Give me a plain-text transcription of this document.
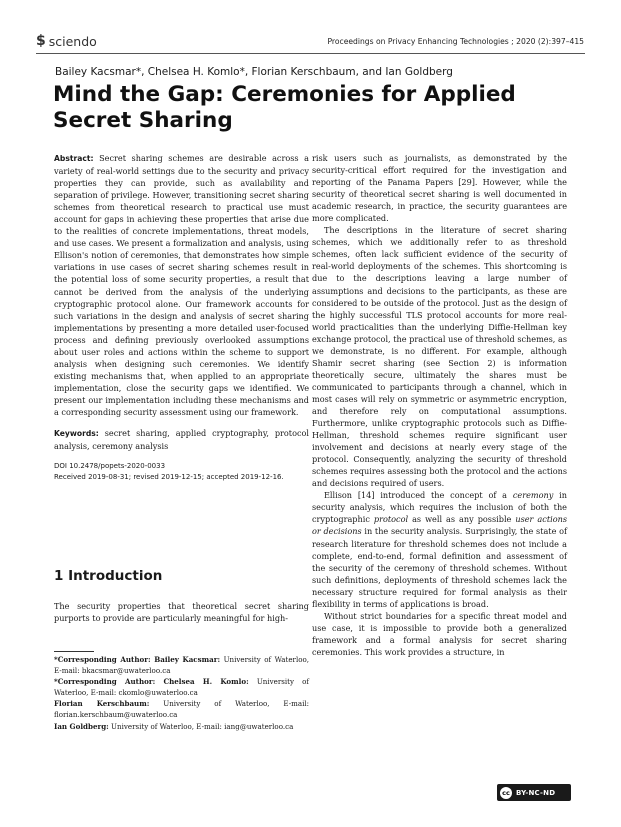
$ sciendo	Proceedings on Privacy Enhancing Technologies ; 2020 (2):397–415
Bailey Kacsmar*, Chelsea H. Komlo*, Florian Kerschbaum, and Ian Goldberg
Mind the Gap: Ceremonies for Applied Secret Sharing

Abstract: Secret sharing schemes are desirable across a variety of real-world settings due to the security and privacy properties they can provide, such as availability and separation of privilege. However, transitioning secret sharing schemes from theoretical research to practical use must account for gaps in achieving these properties that arise due to the realities of concrete implementations, threat models, and use cases. We present a formalization and analysis, using Ellison's notion of ceremonies, that demonstrates how simple variations in use cases of secret sharing schemes result in the potential loss of some security properties, a result that cannot be derived from the analysis of the underlying cryptographic protocol alone. Our framework accounts for such variations in the design and analysis of secret sharing implementations by presenting a more detailed user-focused process and defining previously overlooked assumptions about user roles and actions within the scheme to support analysis when designing such ceremonies. We identify existing mechanisms that, when applied to an appropriate implementation, close the security gaps we identified. We present our implementation including these mechanisms and a corresponding security assessment using our framework.

Keywords: secret sharing, applied cryptography, protocol analysis, ceremony analysis

DOI 10.2478/popets-2020-0033

Received 2019-08-31; revised 2019-12-15; accepted 2019-12-16.

1 Introduction
The security properties that theoretical secret sharing purports to provide are particularly meaningful for high-

*Corresponding Author: Bailey Kacsmar: University of Waterloo, E-mail: bkacsmar@uwaterloo.ca

*Corresponding Author: Chelsea H. Komlo: University of Waterloo, E-mail: ckomlo@uwaterloo.ca

Florian Kerschbaum: University of Waterloo, E-mail: florian.kerschbaum@uwaterloo.ca

Ian Goldberg: University of Waterloo, E-mail: iang@uwaterloo.ca

risk users such as journalists, as demonstrated by the security-critical effort required for the investigation and reporting of the Panama Papers [29]. However, while the security of theoretical secret sharing is well documented in academic research, in practice, the security guarantees are more complicated.

The descriptions in the literature of secret sharing schemes, which we additionally refer to as threshold schemes, often lack sufficient evidence of the security of real-world deployments of the schemes. This shortcoming is due to the descriptions leaving a large number of assumptions and decisions to the participants, as these are considered to be outside of the protocol. Just as the design of the highly successful TLS protocol accounts for more real-world practicalities than the underlying Diffie-Hellman key exchange protocol, the practical use of threshold schemes, as we demonstrate, is no different. For example, although Shamir secret sharing (see Section 2) is information theoretically secure, ultimately the shares must be communicated to participants through a channel, which in most cases will rely on symmetric or asymmetric encryption, and therefore rely on computational assumptions. Furthermore, unlike cryptographic protocols such as Diffie-Hellman, threshold schemes require significant user involvement and decisions at nearly every stage of the protocol. Consequently, analyzing the security of threshold schemes requires assessing both the protocol and the actions and decisions required of users.

Ellison [14] introduced the concept of a ceremony in security analysis, which requires the inclusion of both the cryptographic protocol as well as any possible user actions or decisions in the security analysis. Surprisingly, the state of research literature for threshold schemes does not include a complete, end-to-end, formal definition and assessment of the security of the ceremony of threshold schemes. Without such definitions, deployments of threshold schemes lack the necessary structure required for formal analysis as their flexibility in terms of applications is broad.

Without strict boundaries for a specific threat model and use case, it is impossible to provide both a generalized framework and a formal analysis for secret sharing ceremonies. This work provides a structure, in

cc BY-NC-ND
